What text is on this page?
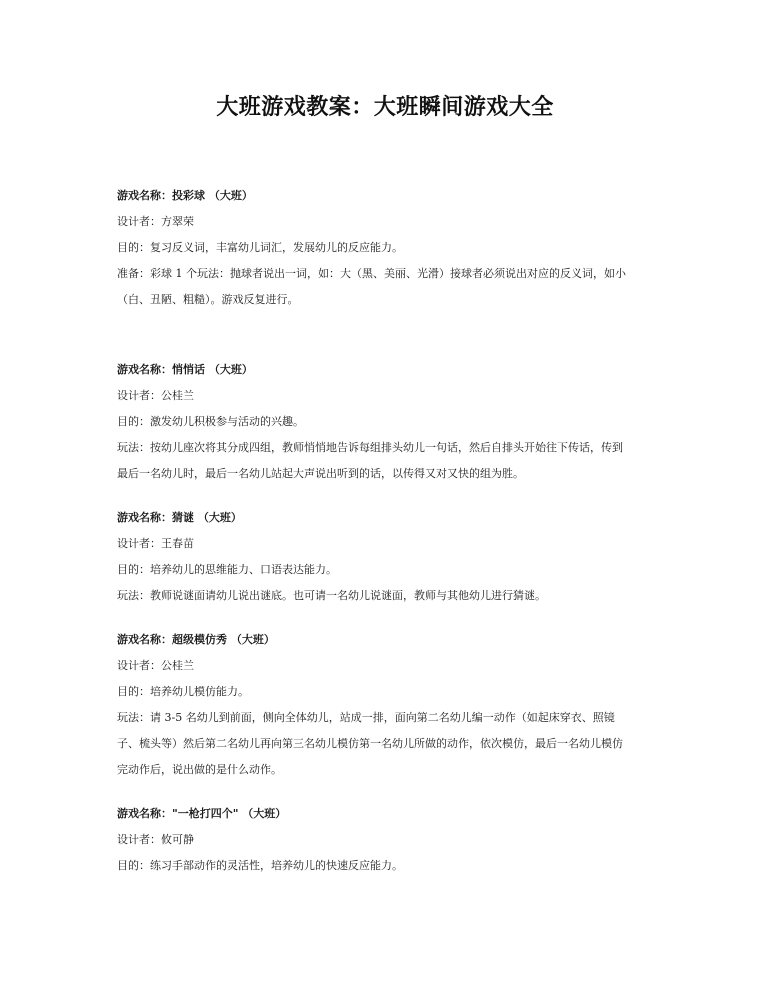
大班游戏教案：大班瞬间游戏大全

游戏名称：投彩球 （大班）

设计者：方翠荣

目的：复习反义词，丰富幼儿词汇，发展幼儿的反应能力。

准备：彩球 1 个玩法：抛球者说出一词，如：大（黑、美丽、光滑）接球者必须说出对应的反义词，如小

（白、丑陋、粗糙）。游戏反复进行。

游戏名称：悄悄话 （大班）

设计者：公桂兰

目的：激发幼儿积极参与活动的兴趣。

玩法：按幼儿座次将其分成四组，教师悄悄地告诉每组排头幼儿一句话，然后自排头开始往下传话，传到

最后一名幼儿时，最后一名幼儿站起大声说出听到的话，以传得又对又快的组为胜。

游戏名称：猜谜 （大班）

设计者：王春苗

目的：培养幼儿的思维能力、口语表达能力。

玩法：教师说谜面请幼儿说出谜底。也可请一名幼儿说谜面，教师与其他幼儿进行猜谜。

游戏名称：超级模仿秀 （大班）

设计者：公桂兰

目的：培养幼儿模仿能力。

玩法：请 3-5 名幼儿到前面，侧向全体幼儿，站成一排，面向第二名幼儿编一动作（如起床穿衣、照镜

子、梳头等）然后第二名幼儿再向第三名幼儿模仿第一名幼儿所做的动作，依次模仿，最后一名幼儿模仿

完动作后，说出做的是什么动作。

游戏名称："一枪打四个" （大班）

设计者：攸可静

目的：练习手部动作的灵活性，培养幼儿的快速反应能力。
